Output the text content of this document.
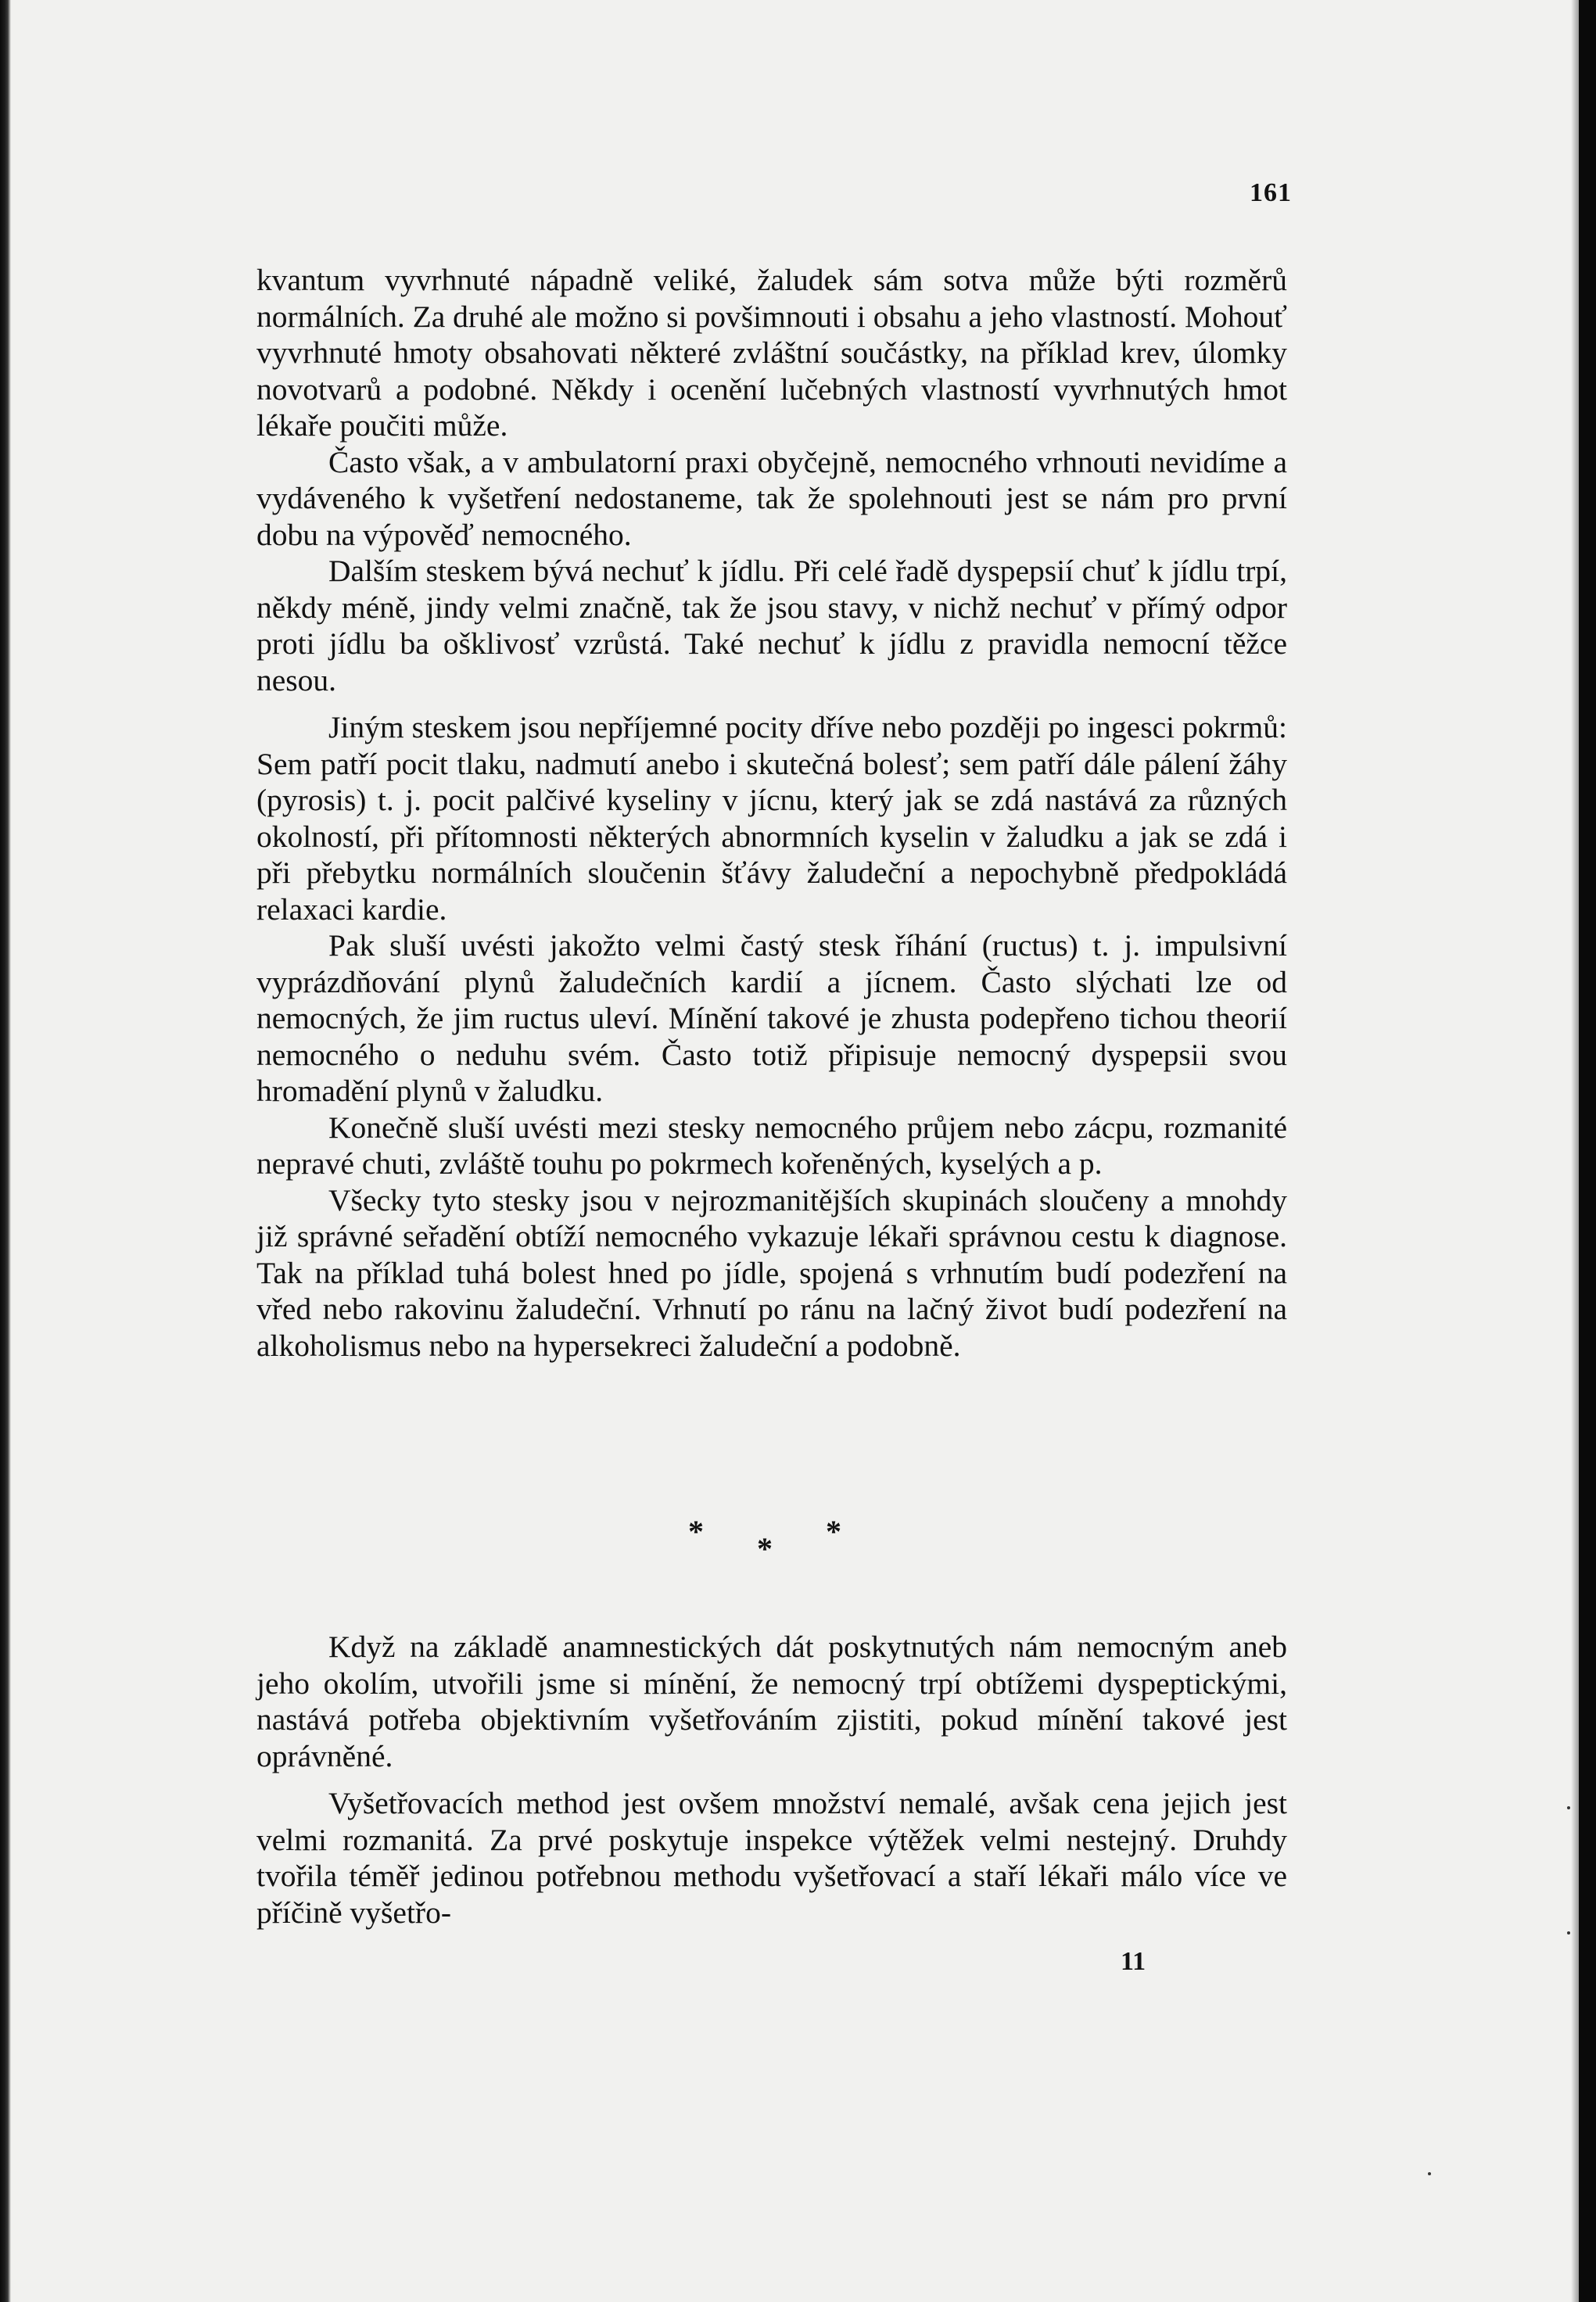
161

kvantum vyvrhnuté nápadně veliké, žaludek sám sotva může býti rozměrů normálních. Za druhé ale možno si povšimnouti i obsahu a jeho vlastností. Mohouť vyvrhnuté hmoty obsahovati některé zvláštní součástky, na příklad krev, úlomky novotvarů a podobné. Někdy i ocenění lučebných vlastností vyvrhnutých hmot lékaře poučiti může.

Často však, a v ambulatorní praxi obyčejně, nemocného vrhnouti nevidíme a vydáveného k vyšetření nedostaneme, tak že spolehnouti jest se nám pro první dobu na výpověď nemocného.

Dalším steskem bývá nechuť k jídlu. Při celé řadě dyspepsií chuť k jídlu trpí, někdy méně, jindy velmi značně, tak že jsou stavy, v nichž nechuť v přímý odpor proti jídlu ba ošklivosť vzrůstá. Také nechuť k jídlu z pravidla nemocní těžce nesou.

Jiným steskem jsou nepříjemné pocity dříve nebo později po ingesci pokrmů: Sem patří pocit tlaku, nadmutí anebo i skutečná bolesť; sem patří dále pálení žáhy (pyrosis) t. j. pocit palčivé kyseliny v jícnu, který jak se zdá nastává za různých okolností, při přítomnosti některých abnormních kyselin v žaludku a jak se zdá i při přebytku normálních sloučenin šťávy žaludeční a nepochybně předpokládá relaxaci kardie.

Pak sluší uvésti jakožto velmi častý stesk říhání (ructus) t. j. impulsivní vyprázdňování plynů žaludečních kardií a jícnem. Často slýchati lze od nemocných, že jim ructus uleví. Mínění takové je zhusta podepřeno tichou theorií nemocného o neduhu svém. Často totiž připisuje nemocný dyspepsii svou hromadění plynů v žaludku.

Konečně sluší uvésti mezi stesky nemocného průjem nebo zácpu, rozmanité nepravé chuti, zvláště touhu po pokrmech kořeněných, kyselých a p.

Všecky tyto stesky jsou v nejrozmanitějších skupinách sloučeny a mnohdy již správné seřadění obtíží nemocného vykazuje lékaři správnou cestu k diagnose. Tak na příklad tuhá bolest hned po jídle, spojená s vrhnutím budí podezření na vřed nebo rakovinu žaludeční. Vrhnutí po ránu na lačný život budí podezření na alkoholismus nebo na hypersekreci žaludeční a podobně.

* * *

Když na základě anamnestických dát poskytnutých nám nemocným aneb jeho okolím, utvořili jsme si mínění, že nemocný trpí obtížemi dyspeptickými, nastává potřeba objektivním vyšetřováním zjistiti, pokud mínění takové jest oprávněné.

Vyšetřovacích method jest ovšem množství nemalé, avšak cena jejich jest velmi rozmanitá. Za prvé poskytuje inspekce výtěžek velmi nestejný. Druhdy tvořila téměř jedinou potřebnou methodu vyšetřovací a staří lékaři málo více ve příčině vyšetřo-

11
